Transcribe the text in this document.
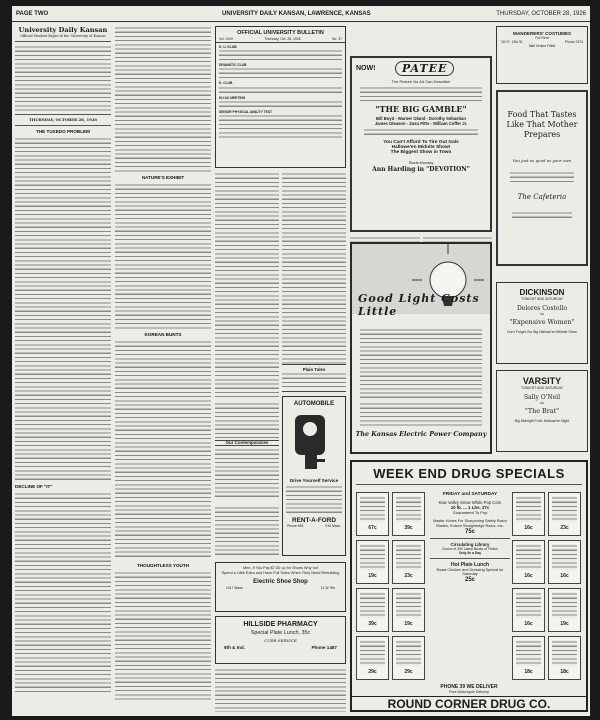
PAGE TWO	UNIVERSITY DAILY KANSAN, LAWRENCE, KANSAS	THURSDAY, OCTOBER 28, 1926
University Daily Kansan
Official Student Paper of the University of Kansas
THURSDAY, OCTOBER 28, 1926
THE TUXEDO PROBLEM
DECLINE OF "IT"
NATURE'S EXHIBIT
KOREAN BUNTS
THOUGHTLESS YOUTH
OFFICIAL UNIVERSITY BULLETIN
Vol. XXIII	Thursday, Oct. 28, 1926	No. 37
K. U. KLUB
DRAMATIC CLUB
K. CLUB
KU KU MEETING
SENIOR PHYSICAL ABILITY TEST
Plain Tales
Our Contemporaries
AUTOMOBILE
Drive Yourself Service
RENT-A-FORD
Phone 653	916 Mass.
Men, If You Pay $7.00 up for Shoes Why not
Spend a Little Extra and Have Full Soles When They Need Rebuilding
Electric Shoe Shop
1017 Mass.	11 W. 9th
HILLSIDE PHARMACY
Special Plate Lunch, 35c
CURB SERVICE
9th & Ind.	Phone 1487
NOW!	PATEE
The Picture No Ad Can Describe!
"THE BIG GAMBLE"
Bill Boyd - Warner Oland - Dorothy Sebastian
James Gleason - Zasu Pitts - William Coffer Jr.
You Can't Afford To Tire Out Gals
Hallowe'en Midnite Show!
The Biggest Show in Town
Starts Monday
Ann Harding in "DEVOTION"
Good Light Costs Little
The Kansas Electric Power Company
WANDERERS' COSTUMES
For Rent
110 E. 12th St.	Phone 2374
Mail Orders Filled
Food That Tastes Like That Mother Prepares
You just as good as your own
The Cafeteria
DICKINSON
TONIGHT AND SATURDAY
Delores Costello
in
"Expensive Women"
Don't Forget Our Big Hallowe'en Midnite Show
VARSITY
TONIGHT AND SATURDAY
Sally O'Neil
in
"The Brat"
Big Midnight Frolic Hallowe'en Night
WEEK END DRUG SPECIALS
67c	39c
19c	23c
39c	19c
29c	29c
16c	23c
16c	16c
16c	19c
18c	18c
FRIDAY and SATURDAY
Kaw Valley Snow White Pop Corn
10 lb. ... 1 Lbs. 27c
Guaranteed To Pop
Master Hones For Sharpening Safety Razor Blades, Kutzen Straightedge Razor, etc.
75c
Circulating Library
Choice of 300 Latest Books of Fiction
Only 5c a Day
Hot Plate Lunch
Roast Chicken and Dressing Special for Saturday
25c
PHONE 39 WE DELIVER
Free Motorcycle Delivery
ROUND CORNER DRUG CO.
